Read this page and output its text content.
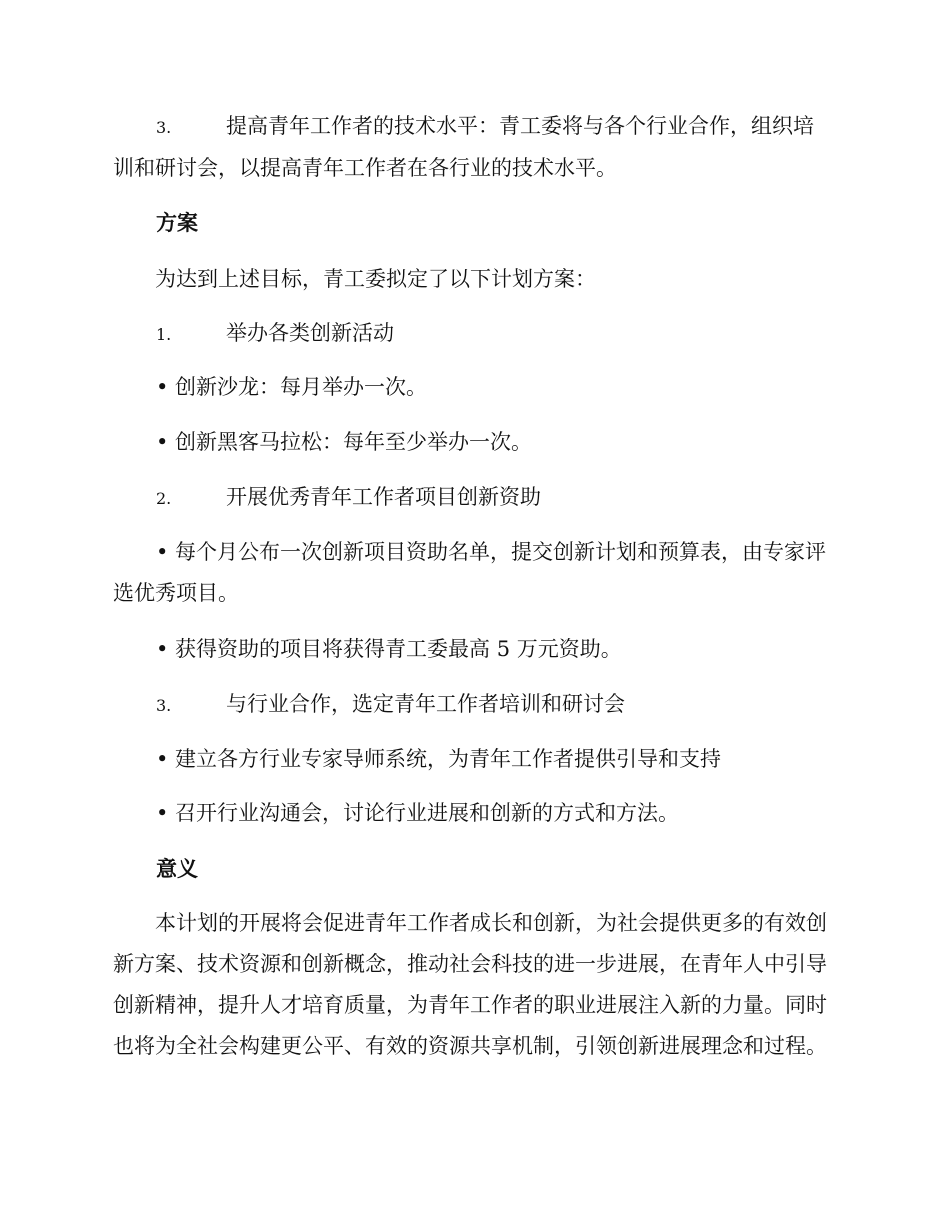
3.	提高青年工作者的技术水平：青工委将与各个行业合作，组织培

训和研讨会，以提高青年工作者在各行业的技术水平。

方案

为达到上述目标，青工委拟定了以下计划方案：

1.	举办各类创新活动

• 创新沙龙：每月举办一次。

• 创新黑客马拉松：每年至少举办一次。

2.	开展优秀青年工作者项目创新资助

• 每个月公布一次创新项目资助名单，提交创新计划和预算表，由专家评选优秀项目。

• 获得资助的项目将获得青工委最高 5 万元资助。

3.	与行业合作，选定青年工作者培训和研讨会

• 建立各方行业专家导师系统，为青年工作者提供引导和支持

• 召开行业沟通会，讨论行业进展和创新的方式和方法。

意义

本计划的开展将会促进青年工作者成长和创新，为社会提供更多的有效创新方案、技术资源和创新概念，推动社会科技的进一步进展，在青年人中引导创新精神，提升人才培育质量，为青年工作者的职业进展注入新的力量。同时也将为全社会构建更公平、有效的资源共享机制，引领创新进展理念和过程。
